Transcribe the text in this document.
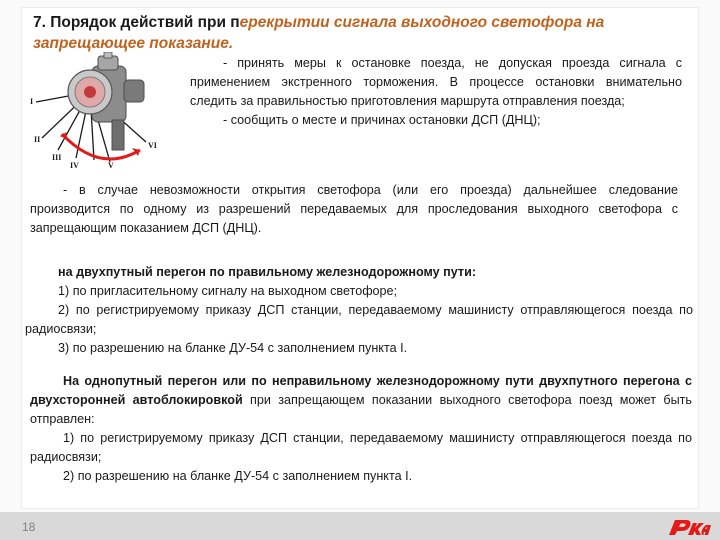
7. Порядок действий при перекрытии сигнала выходного светофора на запрещающее показание.
I
II
III
IV	V
VI

- принять меры к остановке поезда, не допуская проезда сигнала с применением экстренного торможения. В процессе остановки внимательно следить за правильностью приготовления маршрута отправления поезда;

- сообщить о месте и причинах остановки ДСП (ДНЦ);

- в случае невозможности открытия светофора (или его проезда) дальнейшее следование производится по одному из разрешений передаваемых для проследования выходного светофора с запрещающим показанием ДСП (ДНЦ).

на двухпутный перегон по правильному железнодорожному пути:

1) по пригласительному сигналу на выходном светофоре;

2) по регистрируемому приказу ДСП станции, передаваемому машинисту отправляющегося поезда по радиосвязи;

3) по разрешению на бланке ДУ-54 с заполнением пункта I.

На однопутный перегон или по неправильному железнодорожному пути двухпутного перегона с двухсторонней автоблокировкой при запрещающем показании выходного светофора поезд может быть отправлен:

1) по регистрируемому приказу ДСП станции, передаваемому машинисту отправляющегося поезда по радиосвязи;

2) по разрешению на бланке ДУ-54 с заполнением пункта I.

18
